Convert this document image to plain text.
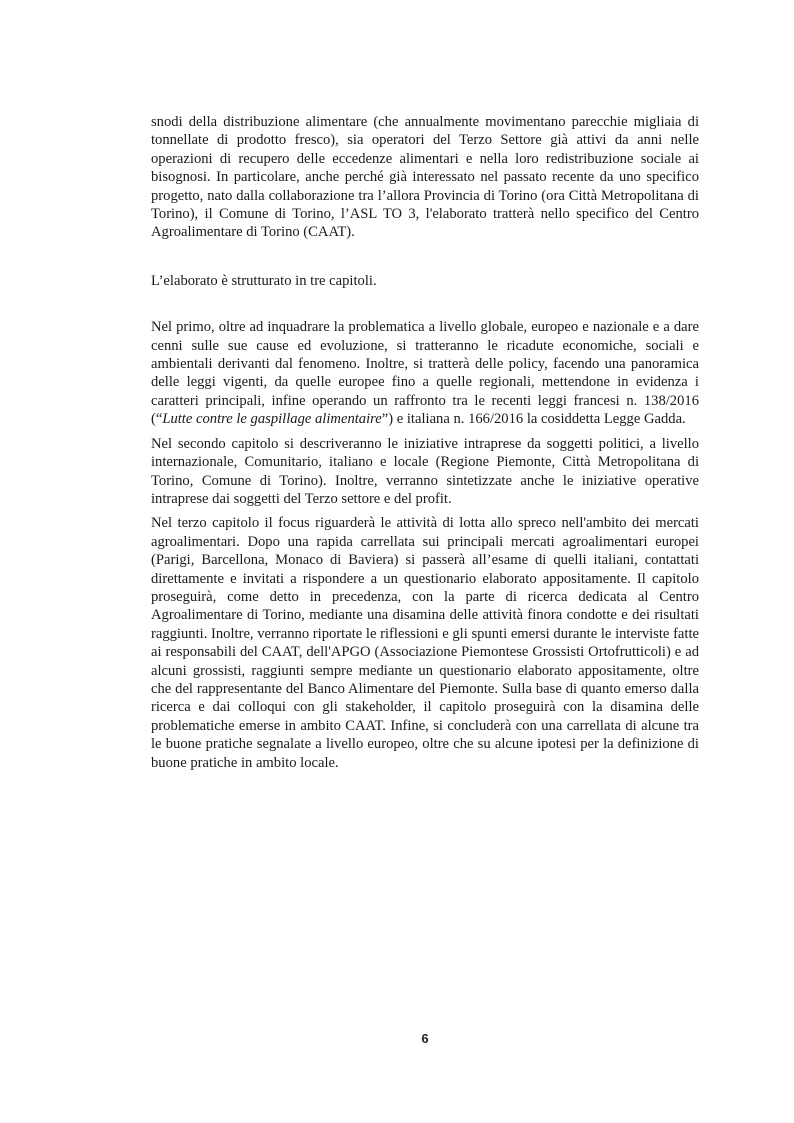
snodi della distribuzione alimentare (che annualmente movimentano parecchie migliaia di tonnellate di prodotto fresco), sia operatori del Terzo Settore già attivi da anni nelle operazioni di recupero delle eccedenze alimentari e nella loro redistribuzione sociale ai bisognosi. In particolare, anche perché già interessato nel passato recente da uno specifico progetto, nato dalla collaborazione tra l’allora Provincia di Torino (ora Città Metropolitana di Torino), il Comune di Torino, l’ASL TO 3, l'elaborato tratterà nello specifico del Centro Agroalimentare di Torino (CAAT).

L’elaborato è strutturato in tre capitoli.

Nel primo, oltre ad inquadrare la problematica a livello globale, europeo e nazionale e a dare cenni sulle sue cause ed evoluzione, si tratteranno le ricadute economiche, sociali e ambientali derivanti dal fenomeno. Inoltre, si tratterà delle policy, facendo una panoramica delle leggi vigenti, da quelle europee fino a quelle regionali, mettendone in evidenza i caratteri principali, infine operando un raffronto tra le recenti leggi francesi n. 138/2016 (“Lutte contre le gaspillage alimentaire”) e italiana n. 166/2016 la cosiddetta Legge Gadda.

Nel secondo capitolo si descriveranno le iniziative intraprese da soggetti politici, a livello internazionale, Comunitario, italiano e locale (Regione Piemonte, Città Metropolitana di Torino, Comune di Torino). Inoltre, verranno sintetizzate anche le iniziative operative intraprese dai soggetti del Terzo settore e del profit.

Nel terzo capitolo il focus riguarderà le attività di lotta allo spreco nell'ambito dei mercati agroalimentari. Dopo una rapida carrellata sui principali mercati agroalimentari europei (Parigi, Barcellona, Monaco di Baviera) si passerà all’esame di quelli italiani, contattati direttamente e invitati a rispondere a un questionario elaborato appositamente. Il capitolo proseguirà, come detto in precedenza, con la parte di ricerca dedicata al Centro Agroalimentare di Torino, mediante una disamina delle attività finora condotte e dei risultati raggiunti. Inoltre, verranno riportate le riflessioni e gli spunti emersi durante le interviste fatte ai responsabili del CAAT, dell'APGO (Associazione Piemontese Grossisti Ortofrutticoli) e ad alcuni grossisti, raggiunti sempre mediante un questionario elaborato appositamente, oltre che del rappresentante del Banco Alimentare del Piemonte. Sulla base di quanto emerso dalla ricerca e dai colloqui con gli stakeholder, il capitolo proseguirà con la disamina delle problematiche emerse in ambito CAAT. Infine, si concluderà con una carrellata di alcune tra le buone pratiche segnalate a livello europeo, oltre che su alcune ipotesi per la definizione di buone pratiche in ambito locale.

6
